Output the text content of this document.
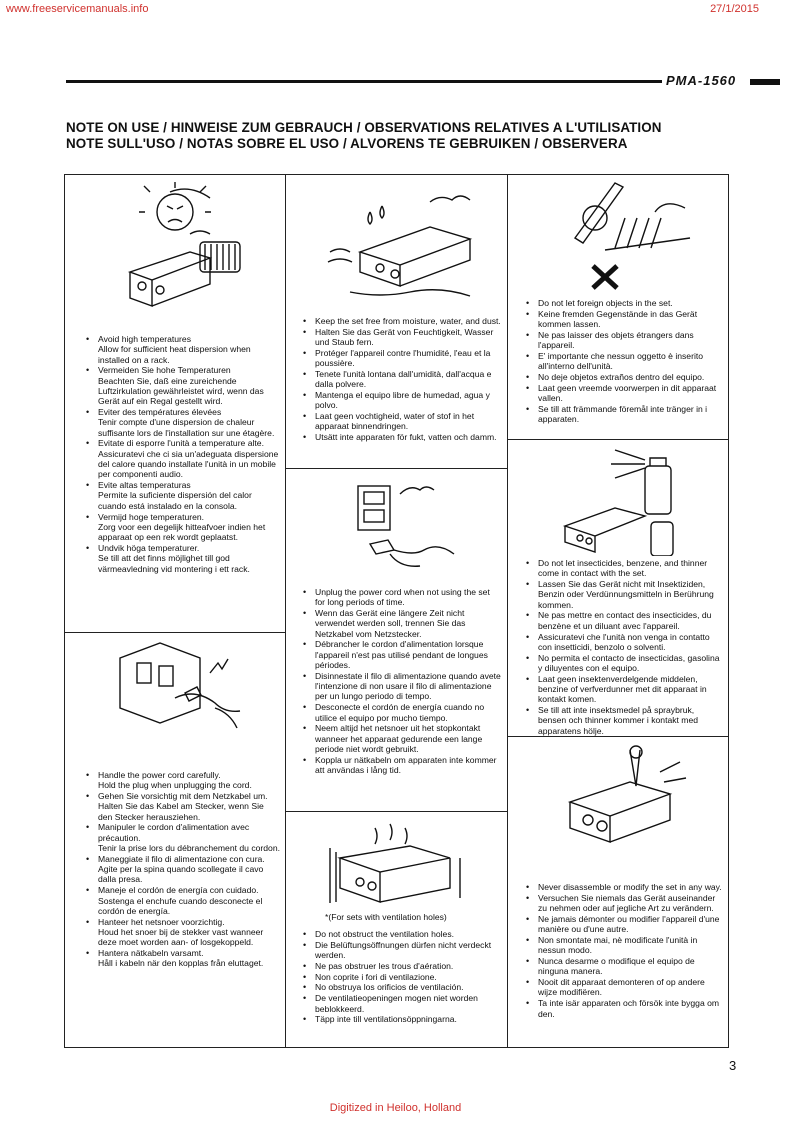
www.freeservicemanuals.info	27/1/2015
PMA-1560
NOTE ON USE / HINWEISE ZUM GEBRAUCH / OBSERVATIONS RELATIVES A L'UTILISATION
NOTE SULL'USO / NOTAS SOBRE EL USO / ALVORENS TE GEBRUIKEN / OBSERVERA
*(For sets with ventilation holes)
• Avoid high temperatures
Allow for sufficient heat dispersion when installed on a rack.
• Vermeiden Sie hohe Temperaturen
Beachten Sie, daß eine zureichende Luftzirkulation gewährleistet wird, wenn das Gerät auf ein Regal gestellt wird.
• Eviter des températures élevées
Tenir compte d'une dispersion de chaleur suffisante lors de l'installation sur une étagère.
• Evitate di esporre l'unità a temperature alte.
Assicuratevi che ci sia un'adeguata dispersione del calore quando installate l'unità in un mobile per componenti audio.
• Evite altas temperaturas
Permite la suficiente dispersión del calor cuando está instalado en la consola.
• Vermijd hoge temperaturen.
Zorg voor een degelijk hitteafvoer indien het apparaat op een rek wordt geplaatst.
• Undvik höga temperaturer.
Se till att det finns möjlighet till god värmeavledning vid montering i ett rack.
• Handle the power cord carefully.
Hold the plug when unplugging the cord.
• Gehen Sie vorsichtig mit dem Netzkabel um.
Halten Sie das Kabel am Stecker, wenn Sie den Stecker herausziehen.
• Manipuler le cordon d'alimentation avec précaution.
Tenir la prise lors du débranchement du cordon.
• Maneggiate il filo di alimentazione con cura.
Agite per la spina quando scollegate il cavo dalla presa.
• Maneje el cordón de energía con cuidado.
Sostenga el enchufe cuando desconecte el cordón de energía.
• Hanteer het netsnoer voorzichtig.
Houd het snoer bij de stekker vast wanneer deze moet worden aan- of losgekoppeld.
• Hantera nätkabeln varsamt.
Håll i kabeln när den kopplas från eluttaget.
• Keep the set free from moisture, water, and dust.
• Halten Sie das Gerät von Feuchtigkeit, Wasser und Staub fern.
• Protéger l'appareil contre l'humidité, l'eau et la poussière.
• Tenete l'unità lontana dall'umidità, dall'acqua e dalla polvere.
• Mantenga el equipo libre de humedad, agua y polvo.
• Laat geen vochtigheid, water of stof in het apparaat binnendringen.
• Utsätt inte apparaten för fukt, vatten och damm.
• Unplug the power cord when not using the set for long periods of time.
• Wenn das Gerät eine längere Zeit nicht verwendet werden soll, trennen Sie das Netzkabel vom Netzstecker.
• Débrancher le cordon d'alimentation lorsque l'appareil n'est pas utilisé pendant de longues périodes.
• Disinnestate il filo di alimentazione quando avete l'intenzione di non usare il filo di alimentazione per un lungo periodo di tempo.
• Desconecte el cordón de energía cuando no utilice el equipo por mucho tiempo.
• Neem altijd het netsnoer uit het stopkontakt wanneer het apparaat gedurende een lange periode niet wordt gebruikt.
• Koppla ur nätkabeln om apparaten inte kommer att användas i lång tid.
• Do not obstruct the ventilation holes.
• Die Belüftungsöffnungen dürfen nicht verdeckt werden.
• Ne pas obstruer les trous d'aération.
• Non coprite i fori di ventilazione.
• No obstruya los orificios de ventilación.
• De ventilatieopeningen mogen niet worden beblokkeerd.
• Täpp inte till ventilationsöppningarna.
• Do not let foreign objects in the set.
• Keine fremden Gegenstände in das Gerät kommen lassen.
• Ne pas laisser des objets étrangers dans l'appareil.
• E' importante che nessun oggetto è inserito all'interno dell'unità.
• No deje objetos extraños dentro del equipo.
• Laat geen vreemde voorwerpen in dit apparaat vallen.
• Se till att främmande föremål inte tränger in i apparaten.
• Do not let insecticides, benzene, and thinner come in contact with the set.
• Lassen Sie das Gerät nicht mit Insektiziden, Benzin oder Verdünnungsmitteln in Berührung kommen.
• Ne pas mettre en contact des insecticides, du benzène et un diluant avec l'appareil.
• Assicuratevi che l'unità non venga in contatto con insetticidi, benzolo o solventi.
• No permita el contacto de insecticidas, gasolina y diluyentes con el equipo.
• Laat geen insektenverdelgende middelen, benzine of verfverdunner met dit apparaat in kontakt komen.
• Se till att inte insektsmedel på spraybruk, bensen och thinner kommer i kontakt med apparatens hölje.
• Never disassemble or modify the set in any way.
• Versuchen Sie niemals das Gerät auseinander zu nehmen oder auf jegliche Art zu verändern.
• Ne jamais démonter ou modifier l'appareil d'une manière ou d'une autre.
• Non smontate mai, nè modificate l'unità in nessun modo.
• Nunca desarme o modifique el equipo de ninguna manera.
• Nooit dit apparaat demonteren of op andere wijze modifiëren.
• Ta inte isär apparaten och försök inte bygga om den.
3
Digitized in Heiloo, Holland
